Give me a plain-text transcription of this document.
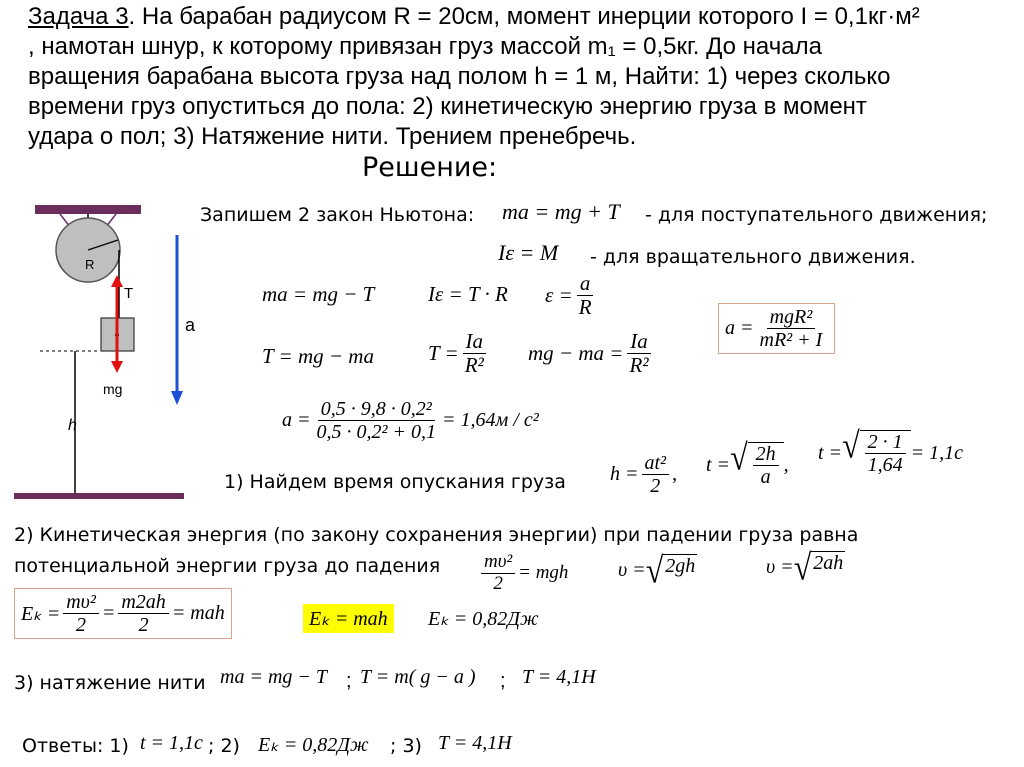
Задача 3. На барабан радиусом R = 20см, момент инерции которого I = 0,1кг·м²
, намотан шнур, к которому привязан груз массой m₁ = 0,5кг. До начала
вращения барабана высота груза над полом h = 1 м, Найти: 1) через сколько
времени груз опуститься до пола: 2) кинетическую энергию груза в момент
удара о пол; 3) Натяжение нити. Трением пренебречь.
Решение:
R
T
mg
h
a
Запишем 2 закон Ньютона: ma = mg + T - для поступательного движения;
Iε = M - для вращательного движения.
ma = mg − T	Iε = T · R $\varepsilon = \frac{a}{R}$
$a = \frac{\text{mgR²}}{\text{mR² + I}}$
T = mg − ma	$T = \frac{Ia}{\text{R²}}$ mg − ma = $\frac{Ia}{\text{R²}}$
$a = \frac{\text{0,5 · 9,8 · 0,2²}}{\text{0,5 · 0,2² + 0,1}} = 1,64м / с^2$
1) Найдем время опускания груза $h = \frac{\text{at²}}{2}$ , t = √ $\frac{2h}{a}$ ,
t = √ $\frac{2 \cdot 1}{1,64} = 1,1с$
2) Кинетическая энергия (по закону сохранения энергии) при падении груза равна
потенциальной энергии груза до падения $\frac{\text{mυ²}}{2}$ = mgh υ = √ 2gh	υ = √ 2ah
$E_k = \frac{\text{mυ²}}{2} = \frac{m2ah}{2}$ = mah	Eₖ = mah	Eₖ = 0,82Дж
3) натяжение нити ma = mg − T ; T = m( g − a ) ; T = 4,1H
Ответы: 1) t = 1,1c ; 2) Eₖ = 0,82Дж ; 3) T = 4,1H
